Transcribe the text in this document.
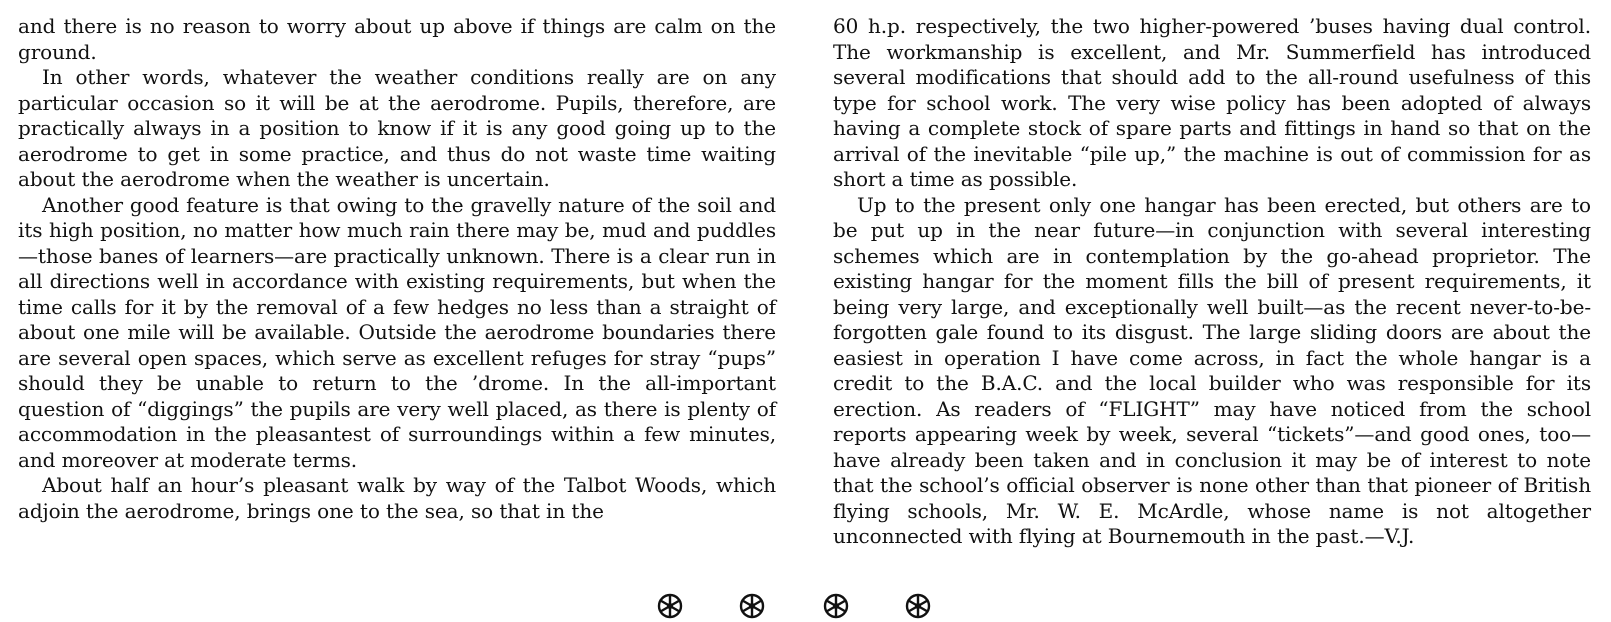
and there is no reason to worry about up above if things are calm on the ground.

In other words, whatever the weather conditions really are on any particular occasion so it will be at the aerodrome. Pupils, therefore, are practically always in a position to know if it is any good going up to the aerodrome to get in some practice, and thus do not waste time waiting about the aerodrome when the weather is uncertain.

Another good feature is that owing to the gravelly nature of the soil and its high position, no matter how much rain there may be, mud and puddles—those banes of learners—are practically unknown. There is a clear run in all directions well in accordance with existing requirements, but when the time calls for it by the removal of a few hedges no less than a straight of about one mile will be available. Outside the aerodrome boundaries there are several open spaces, which serve as excellent refuges for stray “pups” should they be unable to return to the ’drome. In the all-important question of “diggings” the pupils are very well placed, as there is plenty of accommodation in the pleasantest of surroundings within a few minutes, and moreover at moderate terms.

About half an hour’s pleasant walk by way of the Talbot Woods, which adjoin the aerodrome, brings one to the sea, so that in the

60 h.p. respectively, the two higher-powered ’buses having dual control. The workmanship is excellent, and Mr. Summerfield has introduced several modifications that should add to the all-round usefulness of this type for school work. The very wise policy has been adopted of always having a complete stock of spare parts and fittings in hand so that on the arrival of the inevitable “pile up,” the machine is out of commission for as short a time as possible.

Up to the present only one hangar has been erected, but others are to be put up in the near future—in conjunction with several interesting schemes which are in contemplation by the go-ahead proprietor. The existing hangar for the moment fills the bill of present requirements, it being very large, and exceptionally well built—as the recent never-to-be-forgotten gale found to its disgust. The large sliding doors are about the easiest in operation I have come across, in fact the whole hangar is a credit to the B.A.C. and the local builder who was responsible for its erection. As readers of “FLIGHT” may have noticed from the school reports appearing week by week, several “tickets”—and good ones, too—have already been taken and in conclusion it may be of interest to note that the school’s official observer is none other than that pioneer of British flying schools, Mr. W. E. McArdle, whose name is not altogether unconnected with flying at Bournemouth in the past.—V.J.
